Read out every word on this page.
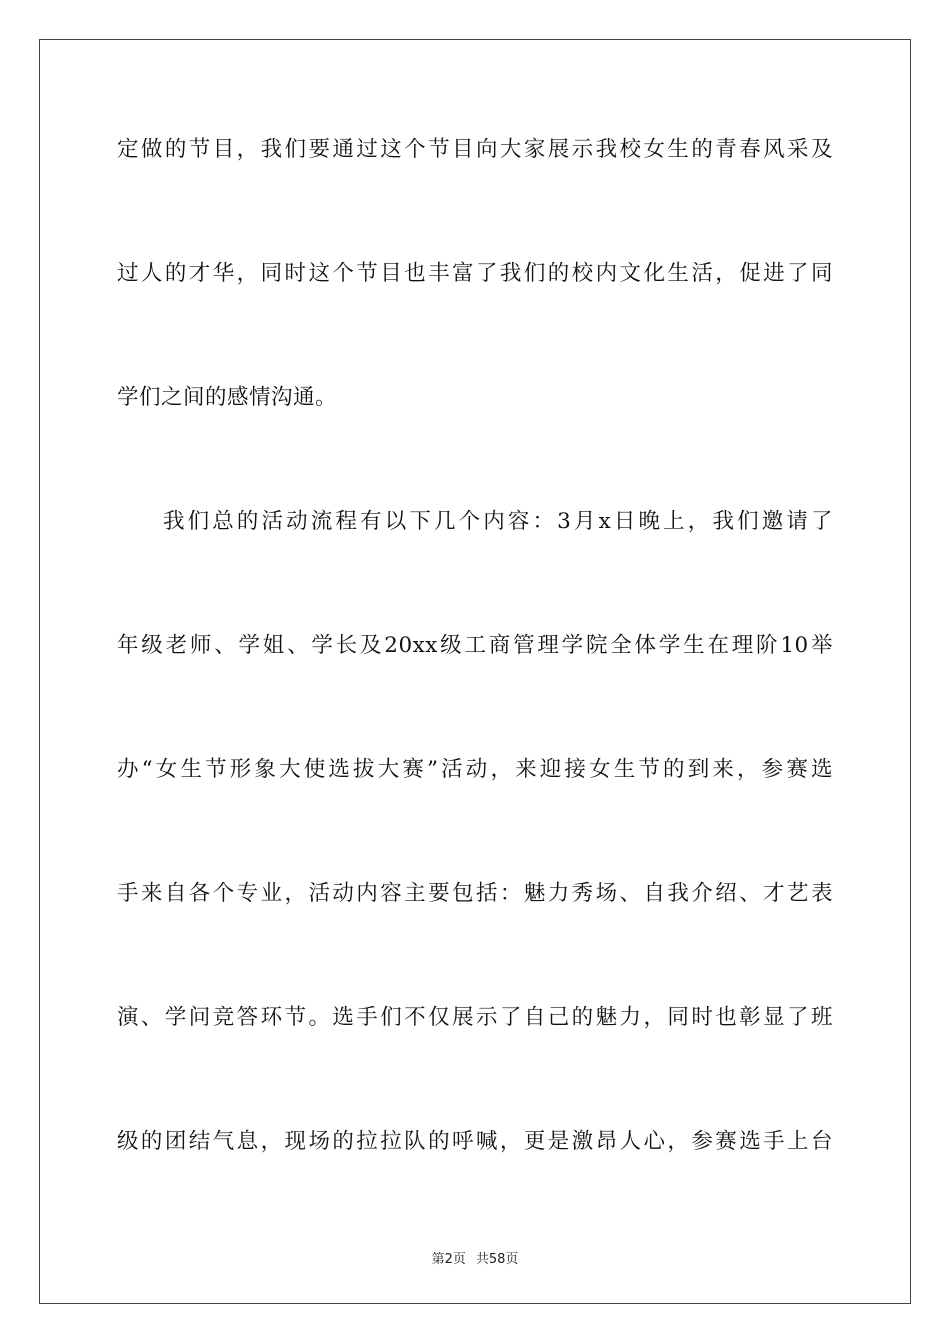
定做的节目，我们要通过这个节目向大家展示我校女生的青春风采及
过人的才华，同时这个节目也丰富了我们的校内文化生活，促进了同
学们之间的感情沟通。
我们总的活动流程有以下几个内容：3月x日晚上，我们邀请了
年级老师、学姐、学长及20xx级工商管理学院全体学生在理阶10举
办“女生节形象大使选拔大赛”活动，来迎接女生节的到来，参赛选
手来自各个专业，活动内容主要包括：魅力秀场、自我介绍、才艺表
演、学问竞答环节。选手们不仅展示了自己的魅力，同时也彰显了班
级的团结气息，现场的拉拉队的呼喊，更是激昂人心，参赛选手上台
第2页 共58页
